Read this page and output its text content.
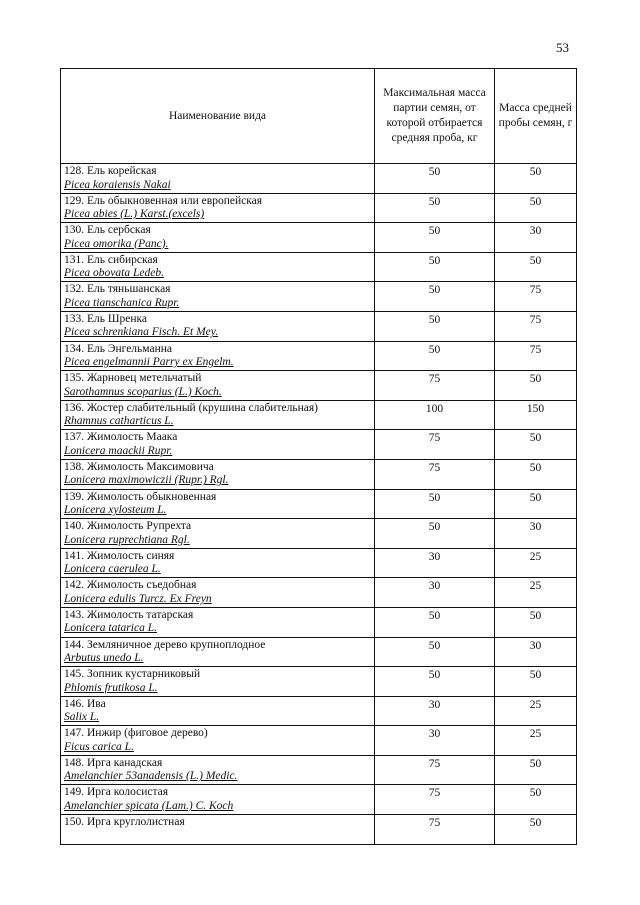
53
Наименование вида	Максимальная масса партии семян, от которой отбирается средняя проба, кг	Масса средней пробы семян, г

128. Ель корейская
Picea koraiensis Nakai	50	50

129. Ель обыкновенная или европейская
Picea abies (L.) Karst.(excels)	50	50

130. Ель сербская
Picea omorika (Panc).	50	30

131. Ель сибирская
Picea obovata Ledeb.	50	50

132. Ель тяньшанская
Picea tianschanica Rupr.	50	75

133. Ель Шренка
Picea schrenkiana Fisch. Et Mey.	50	75

134. Ель Энгельманна
Picea engelmannii Parry ex Engelm.	50	75

135. Жарновец метельчатый
Sarothamnus scoparius (L.) Koch.	75	50

136. Жостер слабительный (крушина слабительная)
Rhamnus catharticus L.	100	150

137. Жимолость Маака
Lonicera maackii Rupr.	75	50

138. Жимолость Максимовича
Lonicera maximowiczii (Rupr.) Rgl.	75	50

139. Жимолость обыкновенная
Lonicera xylosteum L.	50	50

140. Жимолость Рупрехта
Lonicera ruprechtiana Rgl.	50	30

141. Жимолость синяя
Lonicera caerulea L.	30	25

142. Жимолость съедобная
Lonicera edulis Turcz. Ex Freyn	30	25

143. Жимолость татарская
Lonicera tatarica L.	50	50

144. Земляничное дерево крупноплодное
Arbutus unedo L.	50	30

145. Зопник кустарниковый
Phlomis frutikosa L.	50	50

146. Ива
Salix L.	30	25

147. Инжир (фиговое дерево)
Ficus carica L.	30	25

148. Ирга канадская
Amelanchier 53anadensis (L.) Medic.	75	50

149. Ирга колосистая
Amelanchier spicata (Lam.) C. Koch	75	50

150. Ирга круглолистная	75	50
